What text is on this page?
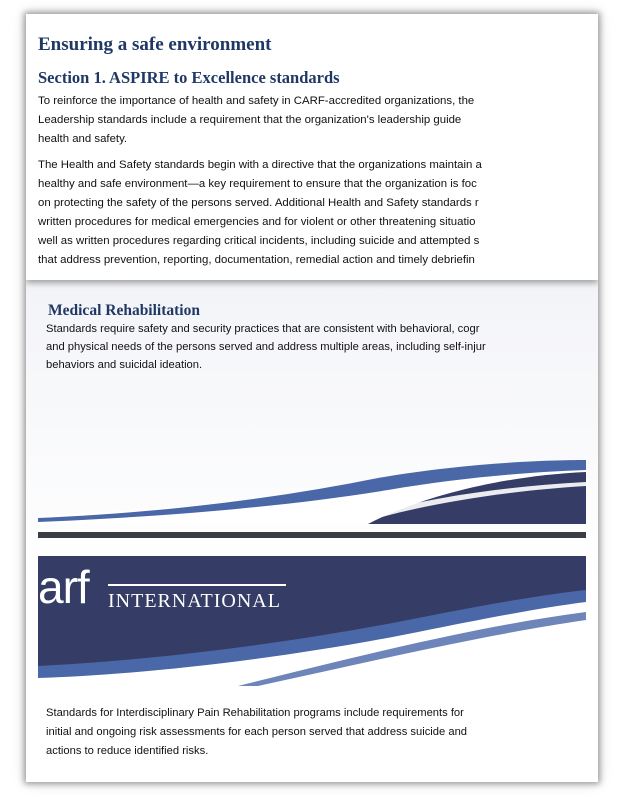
Ensuring a safe environment
Section 1. ASPIRE to Excellence standards
To reinforce the importance of health and safety in CARF-accredited organizations, the
Leadership standards include a requirement that the organization's leadership guide
health and safety.
The Health and Safety standards begin with a directive that the organizations maintain a
healthy and safe environment—a key requirement to ensure that the organization is foc
on protecting the safety of the persons served. Additional Health and Safety standards r
written procedures for medical emergencies and for violent or other threatening situatio
well as written procedures regarding critical incidents, including suicide and attempted s
that address prevention, reporting, documentation, remedial action and timely debriefin
Medical Rehabilitation
Standards require safety and security practices that are consistent with behavioral, cogr
and physical needs of the persons served and address multiple areas, including self-injur
behaviors and suicidal ideation.
arf INTERNATIONAL
Standards for Interdisciplinary Pain Rehabilitation programs include requirements for
initial and ongoing risk assessments for each person served that address suicide and
actions to reduce identified risks.
